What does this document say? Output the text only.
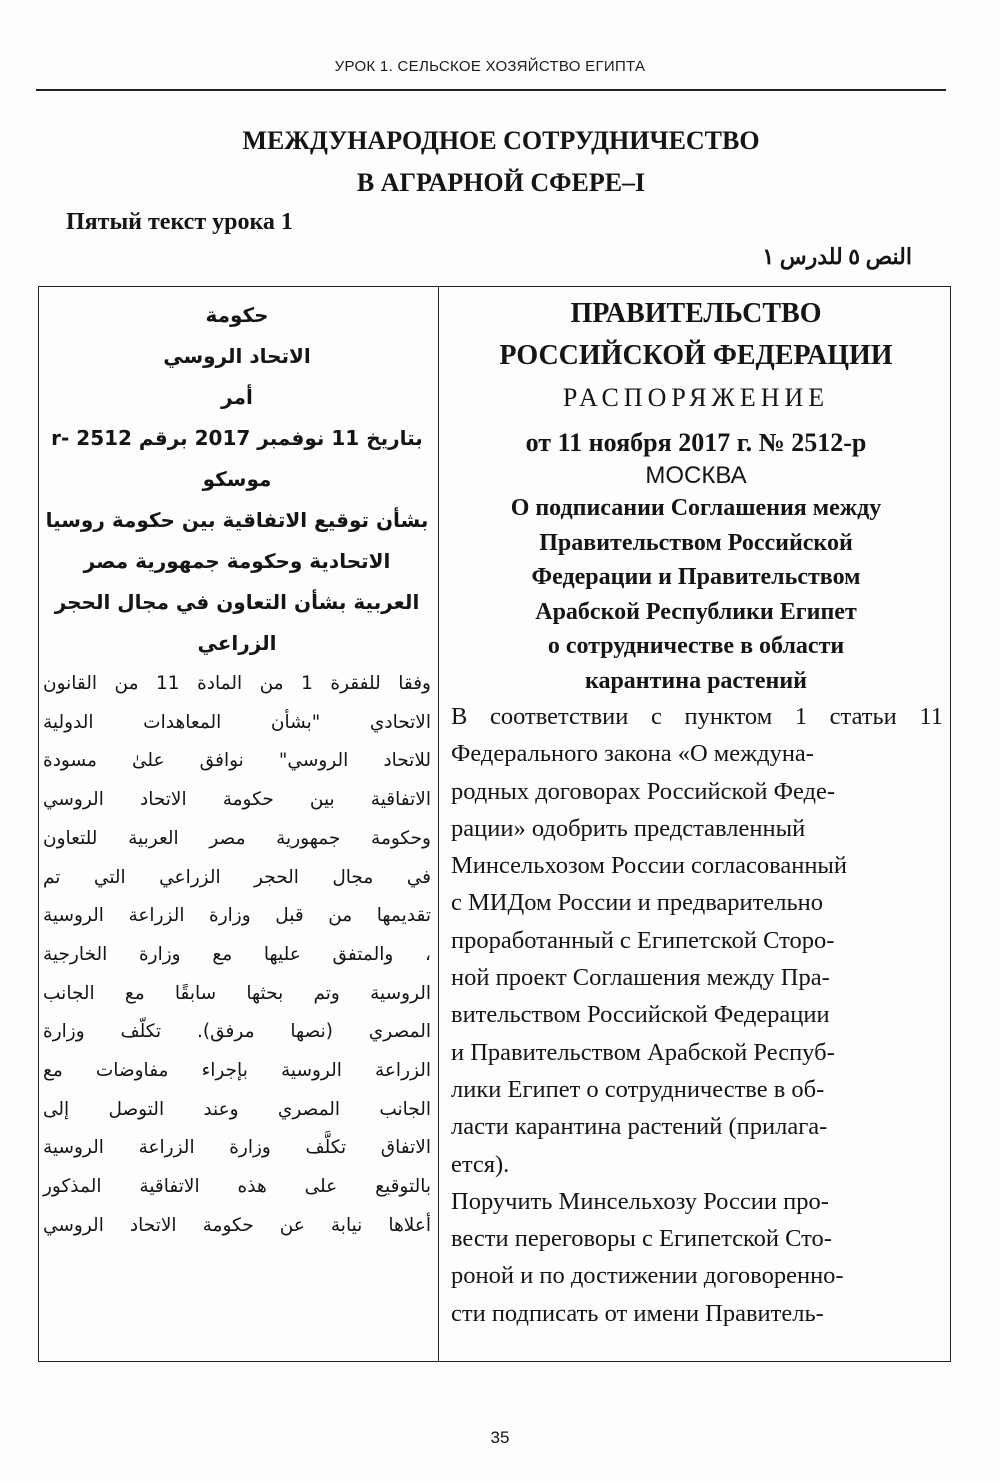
УРОК 1. СЕЛЬСКОЕ ХОЗЯЙСТВО ЕГИПТА
МЕЖДУНАРОДНОЕ СОТРУДНИЧЕСТВО
В АГРАРНОЙ СФЕРЕ–I
Пятый текст урока 1
النص ٥ للدرس ١
حكومة
الاتحاد الروسي
أمر
بتاريخ 11 نوفمبر 2017 برقم 2512 -r
موسكو
بشأن توقيع الاتفاقية بين حكومة روسيا
الاتحادية وحكومة جمهورية مصر
العربية بشأن التعاون في مجال الحجر
الزراعي
وفقا للفقرة 1 من المادة 11 من القانون
الاتحادي "بشأن المعاهدات الدولية
للاتحاد الروسي" نوافق علىٰ مسودة
الاتفاقية بين حكومة الاتحاد الروسي
وحكومة جمهورية مصر العربية للتعاون
في مجال الحجر الزراعي التي تم
تقديمها من قبل وزارة الزراعة الروسية
، والمتفق عليها مع وزارة الخارجية
الروسية وتم بحثها سابقًا مع الجانب
المصري (نصها مرفق). تكلّف وزارة
الزراعة الروسية بإجراء مفاوضات مع
الجانب المصري وعند التوصل إلى
الاتفاق تكلَّف وزارة الزراعة الروسية
بالتوقيع على هذه الاتفاقية المذكور
أعلاها نيابة عن حكومة الاتحاد الروسي
ПРАВИТЕЛЬСТВО
РОССИЙСКОЙ ФЕДЕРАЦИИ
РАСПОРЯЖЕНИЕ
от 11 ноября 2017 г. № 2512-р
МОСКВА
О подписании Соглашения между
Правительством Российской
Федерации и Правительством
Арабской Республики Египет
о сотрудничестве в области
карантина растений
В соответствии с пунктом 1 статьи 11
Федерального закона «О междуна-
родных договорах Российской Феде-
рации» одобрить представленный
Минсельхозом России согласованный
с МИДом России и предварительно
проработанный с Египетской Сторо-
ной проект Соглашения между Пра-
вительством Российской Федерации
и Правительством Арабской Респуб-
лики Египет о сотрудничестве в об-
ласти карантина растений (прилага-
ется).
Поручить Минсельхозу России про-
вести переговоры с Египетской Сто-
роной и по достижении договоренно-
сти подписать от имени Правитель-
35
